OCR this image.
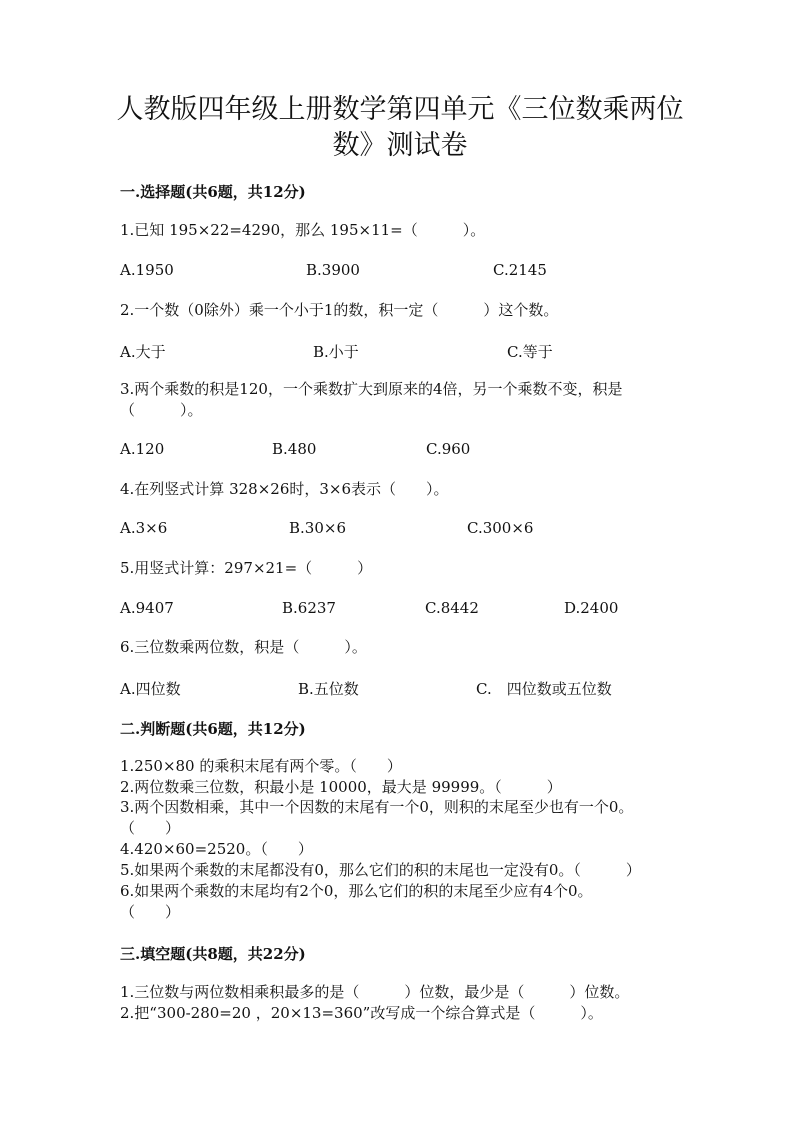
人教版四年级上册数学第四单元《三位数乘两位
数》测试卷
一.选择题(共6题，共12分)
1.已知 195×22=4290，那么 195×11=（　　　）。
A.1950	B.3900	C.2145
2.一个数（0除外）乘一个小于1的数，积一定（　　　）这个数。
A.大于	B.小于	C.等于
3.两个乘数的积是120，一个乘数扩大到原来的4倍，另一个乘数不变，积是
（　　　）。
A.120	B.480	C.960
4.在列竖式计算 328×26时，3×6表示（　　）。
A.3×6	B.30×6	C.300×6
5.用竖式计算：297×21=（　　　）
A.9407	B.6237	C.8442	D.2400
6.三位数乘两位数，积是（　　　）。
A.四位数	B.五位数	C.　四位数或五位数
二.判断题(共6题，共12分)
1.250×80 的乘积末尾有两个零。（　　）
2.两位数乘三位数，积最小是 10000，最大是 99999。（　　　）
3.两个因数相乘，其中一个因数的末尾有一个0，则积的末尾至少也有一个0。
（　　）
4.420×60=2520。（　　）
5.如果两个乘数的末尾都没有0，那么它们的积的末尾也一定没有0。（　　　）
6.如果两个乘数的末尾均有2个0，那么它们的积的末尾至少应有4个0。
（　　）
三.填空题(共8题，共22分)
1.三位数与两位数相乘积最多的是（　　　）位数，最少是（　　　）位数。
2.把“300-280=20 ，20×13=360”改写成一个综合算式是（　　　）。
